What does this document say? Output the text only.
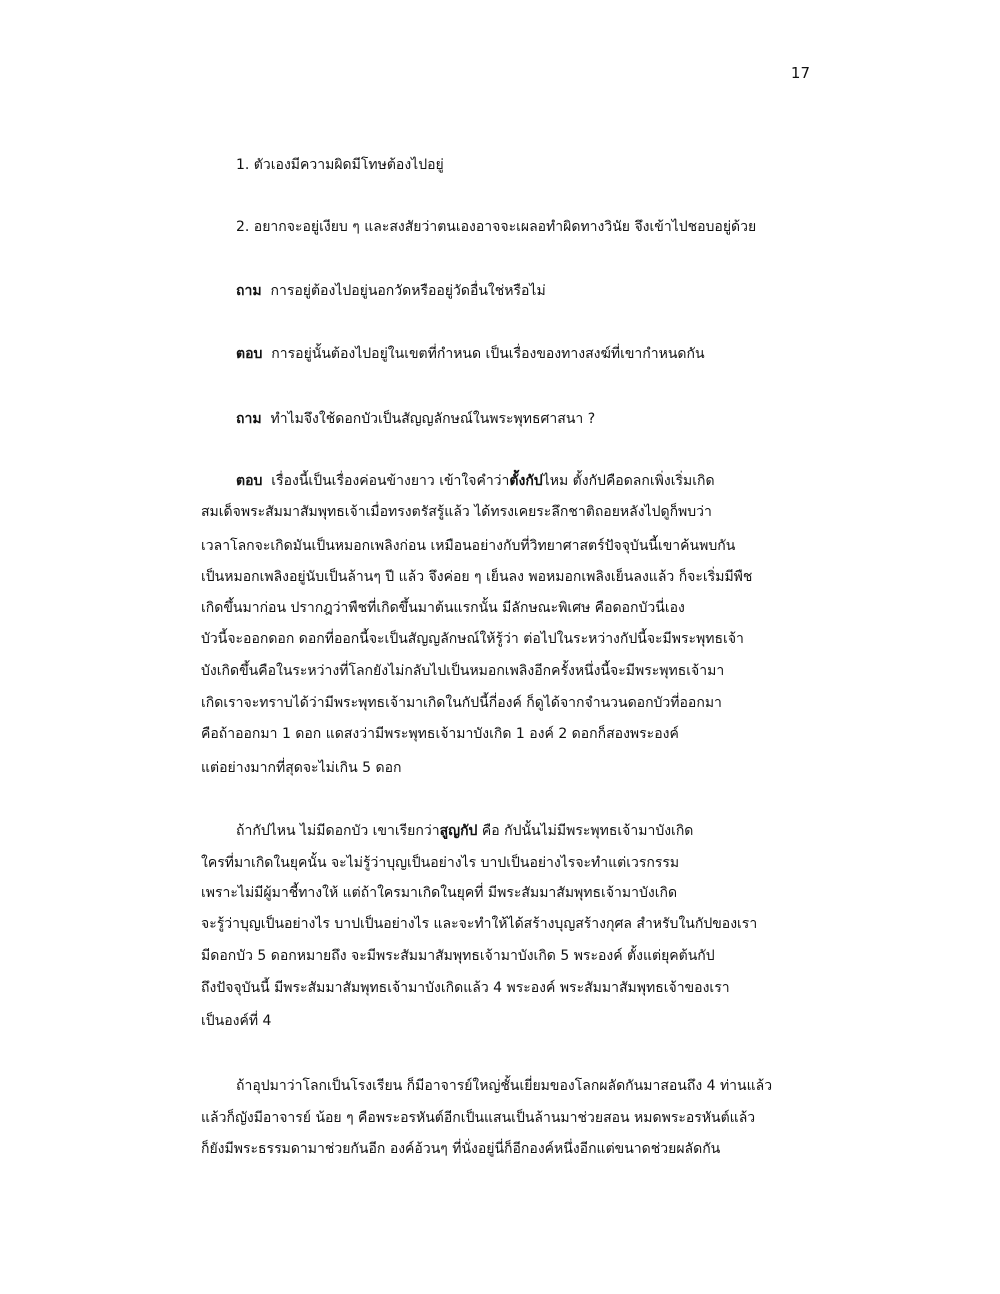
17
1. ตัวเองมีความผิดมีโทษต้องไปอยู่
2. อยากจะอยู่เงียบ ๆ และสงสัยว่าตนเองอาจจะเผลอทำผิดทางวินัย จึงเข้าไปชอบอยู่ด้วย
ถาม การอยู่ต้องไปอยู่นอกวัดหรืออยู่วัดอื่นใช่หรือไม่
ตอบ การอยู่นั้นต้องไปอยู่ในเขตที่กำหนด เป็นเรื่องของทางสงฆ์ที่เขากำหนดกัน
ถาม ทำไมจึงใช้ดอกบัวเป็นสัญญลักษณ์ในพระพุทธศาสนา ?
ตอบ เรื่องนี้เป็นเรื่องค่อนข้างยาว เข้าใจคำว่าตั้งกัปไหม ตั้งกัปคือดลกเพิ่งเริ่มเกิด
สมเด็จพระสัมมาสัมพุทธเจ้าเมื่อทรงตรัสรู้แล้ว ได้ทรงเคยระลึกชาติถอยหลังไปดูก็พบว่า
เวลาโลกจะเกิดมันเป็นหมอกเพลิงก่อน เหมือนอย่างกับที่วิทยาศาสตร์ปัจจุบันนี้เขาค้นพบกัน
เป็นหมอกเพลิงอยู่นับเป็นล้านๆ ปี แล้ว จึงค่อย ๆ เย็นลง พอหมอกเพลิงเย็นลงแล้ว ก็จะเริ่มมีพืช
เกิดขึ้นมาก่อน ปรากฎว่าพืชที่เกิดขึ้นมาต้นแรกนั้น มีลักษณะพิเศษ คือดอกบัวนี่เอง
บัวนี้จะออกดอก ดอกที่ออกนี้จะเป็นสัญญลักษณ์ให้รู้ว่า ต่อไปในระหว่างกัปนี้จะมีพระพุทธเจ้า
บังเกิดขึ้นคือในระหว่างที่โลกยังไม่กลับไปเป็นหมอกเพลิงอีกครั้งหนึ่งนี้จะมีพระพุทธเจ้ามา
เกิดเราจะทราบได้ว่ามีพระพุทธเจ้ามาเกิดในกัปนี้กี่องค์ ก็ดูได้จากจำนวนดอกบัวที่ออกมา
คือถ้าออกมา 1 ดอก แดสงว่ามีพระพุทธเจ้ามาบังเกิด 1 องค์ 2 ดอกก็สองพระองค์
แต่อย่างมากที่สุดจะไม่เกิน 5 ดอก
ถ้ากัปไหน ไม่มีดอกบัว เขาเรียกว่าสูญกัป คือ กัปนั้นไม่มีพระพุทธเจ้ามาบังเกิด
ใครที่มาเกิดในยุคนั้น จะไม่รู้ว่าบุญเป็นอย่างไร บาปเป็นอย่างไรจะทำแต่เวรกรรม
เพราะไม่มีผู้มาชี้ทางให้ แต่ถ้าใครมาเกิดในยุคที่ มีพระสัมมาสัมพุทธเจ้ามาบังเกิด
จะรู้ว่าบุญเป็นอย่างไร บาปเป็นอย่างไร และจะทำให้ได้สร้างบุญสร้างกุศล สำหรับในกัปของเรา
มีดอกบัว 5 ดอกหมายถึง จะมีพระสัมมาสัมพุทธเจ้ามาบังเกิด 5 พระองค์ ตั้งแต่ยุคต้นกัป
ถึงปัจจุบันนี้ มีพระสัมมาสัมพุทธเจ้ามาบังเกิดแล้ว 4 พระองค์ พระสัมมาสัมพุทธเจ้าของเรา
เป็นองค์ที่ 4
ถ้าอุปมาว่าโลกเป็นโรงเรียน ก็มีอาจารย์ใหญ่ชั้นเยี่ยมของโลกผลัดกันมาสอนถึง 4 ท่านแล้ว
แล้วก็ญังมีอาจารย์ น้อย ๆ คือพระอรหันต์อีกเป็นแสนเป็นล้านมาช่วยสอน หมดพระอรหันต์แล้ว
ก็ยังมีพระธรรมดามาช่วยกันอีก องค์อ้วนๆ ที่นั่งอยู่นี่ก็อีกองค์หนึ่งอีกแต่ขนาดช่วยผลัดกัน
